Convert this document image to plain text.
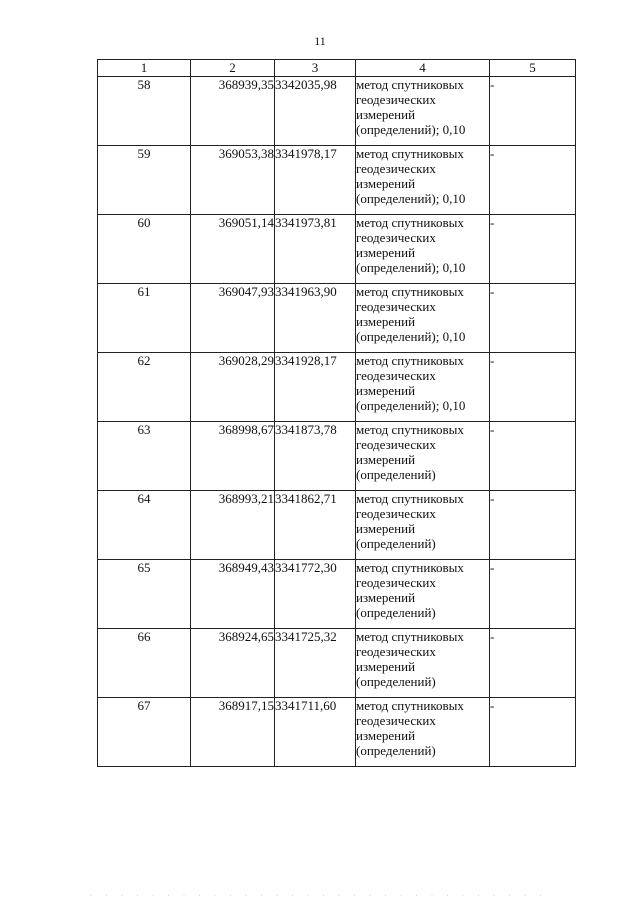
11
1	2	3	4	5
58	368939,35	3342035,98	метод спутниковых
геодезических
измерений
(определений); 0,10	-
59	369053,38	3341978,17	метод спутниковых
геодезических
измерений
(определений); 0,10	-
60	369051,14	3341973,81	метод спутниковых
геодезических
измерений
(определений); 0,10	-
61	369047,93	3341963,90	метод спутниковых
геодезических
измерений
(определений); 0,10	-
62	369028,29	3341928,17	метод спутниковых
геодезических
измерений
(определений); 0,10	-
63	368998,67	3341873,78	метод спутниковых
геодезических
измерений
(определений)	-
64	368993,21	3341862,71	метод спутниковых
геодезических
измерений
(определений)	-
65	368949,43	3341772,30	метод спутниковых
геодезических
измерений
(определений)	-
66	368924,65	3341725,32	метод спутниковых
геодезических
измерений
(определений)	-
67	368917,15	3341711,60	метод спутниковых
геодезических
измерений
(определений)	-
· · · · · · · · · · · · · · · · · · · · · · · · · · · · · ·
